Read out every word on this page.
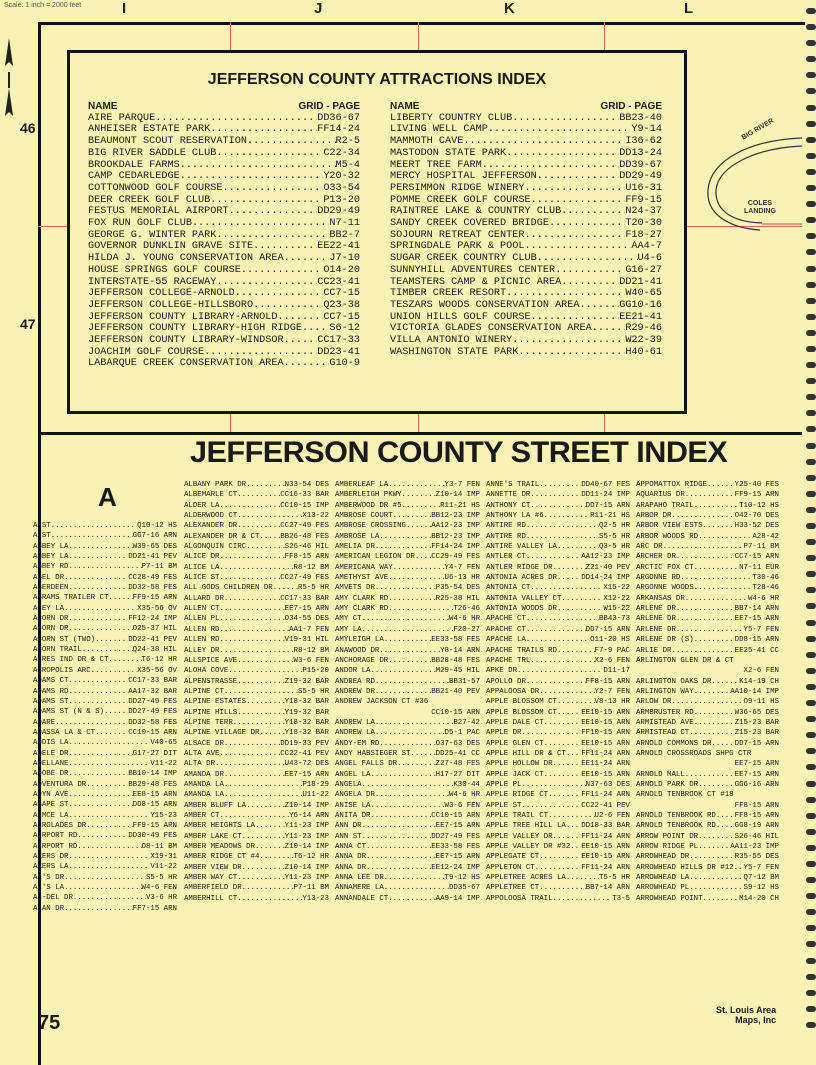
Scale: 1 inch = 2000 feet	I	J	K	L
46
47
BIG RIVER
COLES
LANDING
JEFFERSON COUNTY ATTRACTIONS INDEX
NAME	GRID - PAGE
AIRE PARQUE .....	DD36-67
ANHEISER ESTATE PARK .....	FF14-24
BEAUMONT SCOUT RESERVATION .....	R2-5
BIG RIVER SADDLE CLUB .....	C22-34
BROOKDALE FARMS .....	M5-4
CAMP CEDARLEDGE .....	Y20-32
COTTONWOOD GOLF COURSE .....	O33-54
DEER CREEK GOLF CLUB .....	P13-20
FESTUS MEMORIAL AIRPORT .....	DD29-49
FOX RUN GOLF CLUB .....	N7-11
GEORGE G. WINTER PARK .....	BB2-7
GOVERNOR DUNKLIN GRAVE SITE .....	EE22-41
HILDA J. YOUNG CONSERVATION AREA .....	J7-10
HOUSE SPRINGS GOLF COURSE .....	O14-20
INTERSTATE-55 RACEWAY .....	CC23-41
JEFFERSON COLLEGE-ARNOLD .....	CC7-15
JEFFERSON COLLEGE-HILLSBORO .....	Q23-38
JEFFERSON COUNTY LIBRARY-ARNOLD .....	CC7-15
JEFFERSON COUNTY LIBRARY-HIGH RIDGE .....	S6-12
JEFFERSON COUNTY LIBRARY-WINDSOR .....	CC17-33
JOACHIM GOLF COURSE .....	DD23-41
LABARQUE CREEK CONSERVATION AREA .....	G10-9
NAME	GRID - PAGE
LIBERTY COUNTRY CLUB .....	BB23-40
LIVING WELL CAMP .....	Y9-14
MAMMOTH CAVE .....	I36-62
MASTODON STATE PARK .....	DD13-24
MEERT TREE FARM .....	DD39-67
MERCY HOSPITAL JEFFERSON .....	DD29-49
PERSIMMON RIDGE WINERY .....	U16-31
POMME CREEK GOLF COURSE .....	FF9-15
RAINTREE LAKE & COUNTRY CLUB .....	N24-37
SANDY CREEK COVERED BRIDGE .....	T20-30
SOJOURN RETREAT CENTER .....	F18-27
SPRINGDALE PARK & POOL .....	AA4-7
SUGAR CREEK COUNTRY CLUB .....	U4-6
SUNNYHILL ADVENTURES CENTER .....	G16-27
TEAMSTERS CAMP & PICNIC AREA .....	DD21-41
TIMBER CREEK RESORT .....	W40-65
TESZARS WOODS CONSERVATION AREA .....	GG10-16
UNION HILLS GOLF COURSE .....	EE21-41
VICTORIA GLADES CONSERVATION AREA .....	R29-46
VILLA ANTONIO WINERY .....	W22-39
WASHINGTON STATE PARK .....	H40-61
JEFFERSON COUNTY STREET INDEX
A
A ST .....	Q10-12 HS
A ST .....	GG7-16 ARN
ABBEY LA .....	W39-65 DES
ABBEY LA .....	DD21-41 PEV
ABBEY RD .....	P7-11 BM
ABEL DR .....	CC28-49 FES
ABERDEEN .....	DD32-58 FES
ABRAMS TRAILER CT .....	FF9-15 ARN
ACEY LA .....	X35-56 OV
ACORN DR .....	FF12-24 IMP
ACORN DR .....	O25-37 HIL
ACORN ST (TWO) .....	DD22-41 PEV
ACORN TRAIL .....	Q24-38 HIL
ACRES IND DR & CT .....	T6-12 HR
ACROPOLIS ARC .....	X35-56 OV
ADAMS CT .....	CC17-33 BAR
ADAMS RD .....	AA17-32 BAR
ADAMS ST .....	DD27-49 FES
ADAMS ST (N & S) .....	DD27-49 FES
ADARE .....	DD32-58 FES
ADASSA LA & CT .....	CC10-15 ARN
ADDIS LA .....	V40-65
ADELE DR .....	G17-27 DIT
ADELLANE .....	V11-22
ADOBE DR .....	BB10-14 IMP
ADVENTURA DR .....	BB29-48 FES
ADYN AVE .....	EE8-15 ARN
AGAPE ST .....	DD8-15 ARN
AIMCE LA .....	Y15-23
AIRGLADES DR .....	FF9-15 ARN
AIRPORT RD .....	DD30-49 FES
AIRPORT RD .....	O8-11 BM
AKERS DR .....	X19-31
AKERS LA .....	V11-22
AL'S DR .....	S5-5 HR
AL'S LA .....	W4-6 FEN
AL-DEL DR .....	V3-6 HR
ALAN DR .....	FF7-15 ARN
ALBANY PARK DR .....	N33-54 DES
ALBEMARLE CT .....	CC16-33 BAR
ALDER LA .....	CC10-15 IMP
ALDERWOOD CT .....	X13-22
ALEXANDER DR .....	CC27-49 FES
ALEXANDER DR & CT .....	BB26-48 FES
ALGONQUIN CIRC .....	S26-46 HIL
ALICE DR .....	FF8-15 ARN
ALICE LA .....	R8-12 BM
ALICE ST .....	CC27-49 FES
ALL GODS CHILDREN DR .....	R5-5 HR
ALLARD DR .....	CC17-33 BAR
ALLEN CT .....	EE7-15 ARN
ALLEN PL .....	O34-55 DES
ALLEN RD .....	AA1-7 FEN
ALLEN RD .....	V19-31 HIL
ALLEY DR .....	R8-12 BM
ALLSPICE AVE .....	W3-6 FEN
ALOHA COVE .....	P15-20
ALPENSTRASSE .....	Z19-32 BAR
ALPINE CT .....	S5-5 HR
ALPINE ESTATES .....	Y18-32 BAR
ALPINE HILLS .....	Y19-32 BAR
ALPINE TERR .....	Y18-32 BAR
ALPINE VILLAGE DR .....	Y18-32 BAR
ALSACE DR .....	DD19-33 PEV
ALTA AVE .....	CC22-41 PEV
ALTA DR .....	U43-72 DES
AMANDA DR .....	EE7-15 ARN
AMANDA LA .....	P18-29
AMANDA LA .....	U11-22
AMBER BLUFF LA .....	Z10-14 IMP
AMBER CT .....	Y6-14 ARN
AMBER HEIGHTS LA .....	Y11-23 IMP
AMBER LAKE CT .....	Y11-23 IMP
AMBER MEADOWS DR .....	Z10-14 IMP
AMBER RIDGE CT #4 .....	T6-12 HR
AMBER VIEW DR .....	Z10-14 IMP
AMBER WAY CT .....	Y11-23 IMP
AMBERFIELD DR .....	P7-11 BM
AMBERHILL CT .....	Y13-23
AMBERLEAF LA .....	Y3-7 FEN
AMBERLEIGH PKWY .....	Z10-14 IMP
AMBERWOOD DR #5 .....	R11-21 HS
AMBROSE COURT .....	BB12-23 IMP
AMBROSE CROSSING .....	AA12-23 IMP
AMBROSE LA .....	BB12-23 IMP
AMELIA DR .....	FF14-24 IMP
AMERICAN LEGION DR ..... CC29-49 FES
AMERICANA WAY .....	Y4-7 FEN
AMETHYST AVE .....	U6-13 HR
AMVETS DR .....	P35-54 DES
AMY CLARK RD .....	R25-38 HIL
AMY CLARK RD .....	T26-46
AMY CT .....	W4-6 HR
AMY LA .....	F20-27
AMYLEIGH LA .....	EE33-58 FES
ANAWOOD DR .....	Y8-14 ARN
ANCHORAGE DR .....	BB28-48 FES
ANDOR LA .....	M29-45 HIL
ANDREA RD .....	BB31-57
ANDREW DR .....	BB21-40 PEV
ANDREW JACKSON CT #36
CC10-15 ARN
ANDREW LA .....	B27-42
ANDREW LA .....	D5-1 PAC
ANDY-EM RD .....	O37-63 DES
ANDY HABSIEGER ST .....	DD25-41 CC
ANGEL FALLS DR .....	Z27-48 FES
ANGEL LA .....	H17-27 DIT
ANGELA .....	K30-44
ANGELA DR .....	W4-6 HR
ANISE LA .....	W3-6 FEN
ANITA DR .....	CC10-15 ARN
ANN DR .....	EE7-15 ARN
ANN ST .....	DD27-49 FES
ANNA CT .....	EE33-58 FES
ANNA DR .....	EE7-15 ARN
ANNA DR .....	EE12-24 IMP
ANNA LEE DR .....	T9-12 HS
ANNAMERE LA .....	DD35-67
ANNANDALE CT .....	AA9-14 IMP
ANNE'S TRAIL .....	DD40-67 FES
ANNETTE DR .....	DD11-24 IMP
ANTHONY CT .....	DD7-15 ARN
ANTHONY LA #6 .....	R11-21 HS
ANTIRE RD .....	Q2-5 HR
ANTIRE RD .....	S5-5 HR
ANTIRE VALLEY LA .....	Q3-5 HR
ANTLER CT .....	AA12-23 IMP
ANTLER RIDGE DR .....	Z21-40 PEV
ANTONIA ACRES DR .....	DD14-24 IMP
ANTONIA CT .....	X15-22
ANTONIA VALLEY CT .....	X12-22
ANTONIA WOODS DR .....	W15-22
APACHE CT .....	BB43-73
APACHE CT .....	DD7-15 ARN
APACHE LA .....	O11-20 HS
APACHE TRAILS RD .....	F7-9 PAC
APACHE TRL .....	X2-6 FEN
APKE DR .....	D11-17
APOLLO DR .....	FF8-15 ARN
APPALOOSA DR .....	Y2-7 FEN
APPLE BLOSSOM CT .....	V8-13 HR
APPLE BLOSSOM CT .....	EE10-15 ARN
APPLE DALE CT .....	EE10-15 ARN
APPLE DR .....	FF10-15 ARN
APPLE GLEN CT .....	EE10-15 ARN
APPLE HILL DR & CT ..... FF11-24 ARN
APPLE HOLLOW DR .....	EE11-24 ARN
APPLE JACK CT .....	EE10-15 ARN
APPLE PL .....	N37-63 DES
APPLE RIDGE CT .....	FF11-24 ARN
APPLE ST .....	CC22-41 PEV
APPLE TRAIL CT .....	U2-6 FEN
APPLE TREE HILL LA ..... DD18-33 BAR
APPLE VALLEY DR .....	FF11-24 ARN
APPLE VALLEY DR #32 ..... EE10-15 ARN
APPLEGATE CT .....	EE10-15 ARN
APPLETON CT .....	FF11-24 ARN
APPLETREE ACRES LA .....	T5-5 HR
APPLETREE CT .....	BB7-14 ARN
APPOLOOSA TRAIL .....	T3-5
APPOMATTOX RIDGE .....	Y25-40 FES
AQUARIUS DR .....	FF9-15 ARN
ARAPAHO TRAIL .....	T10-12 HS
ARBOR DR .....	O42-70 DES
ARBOR VIEW ESTS .....	H33-52 DES
ARBOR WOODS RD .....	A28-42
ARC DR .....	P7-11 BM
ARCHER DR .....	CC7-15 ARN
ARCTIC FOX CT .....	N7-11 EUR
ARGONNE RD .....	T30-46
ARGONNE WOODS .....	T28-46
ARKANSAS DR .....	W4-6 HR
ARLENE DR .....	BB7-14 ARN
ARLENE DR .....	EE7-15 ARN
ARLENE DR .....	Y5-7 FEN
ARLENE DR (S) .....	DD8-15 ARN
ARLIE DR .....	EE25-41 CC
ARLINGTON GLEN DR & CT
X2-6 FEN
ARLINGTON OAKS DR .....	K14-19 CH
ARLINGTON WAY .....	AA10-14 IMP
ARLOW DR .....	O9-11 HS
ARMBRUSTER RD .....	W36-65 DES
ARMISTEAD AVE .....	Z15-23 BAR
ARMISTEAD CT .....	Z15-23 BAR
ARNOLD COMMONS DR .....	DD7-15 ARN
ARNOLD CROSSROADS SHPG CTR
EE7-15 ARN
ARNOLD MALL .....	EE7-15 ARN
ARNOLD PARK DR .....	GG6-16 ARN
ARNOLD TENBROOK CT #18
FF8-15 ARN
ARNOLD TENBROOK RD .....	FF8-15 ARN
ARNOLD TENBROOK RD .....	GG8-19 ARN
ARROW POINT DR .....	S26-46 HIL
ARROW RIDGE PL .....	AA11-23 IMP
ARROWHEAD DR .....	R35-55 DES
ARROWHEAD HILLS DR #12 ..... Y5-7 FEN
ARROWHEAD LA .....	Q7-12 BM
ARROWHEAD PL .....	S9-12 HS
ARROWHEAD POINT .....	M14-20 CH
75
St. Louis Area
Maps, Inc
